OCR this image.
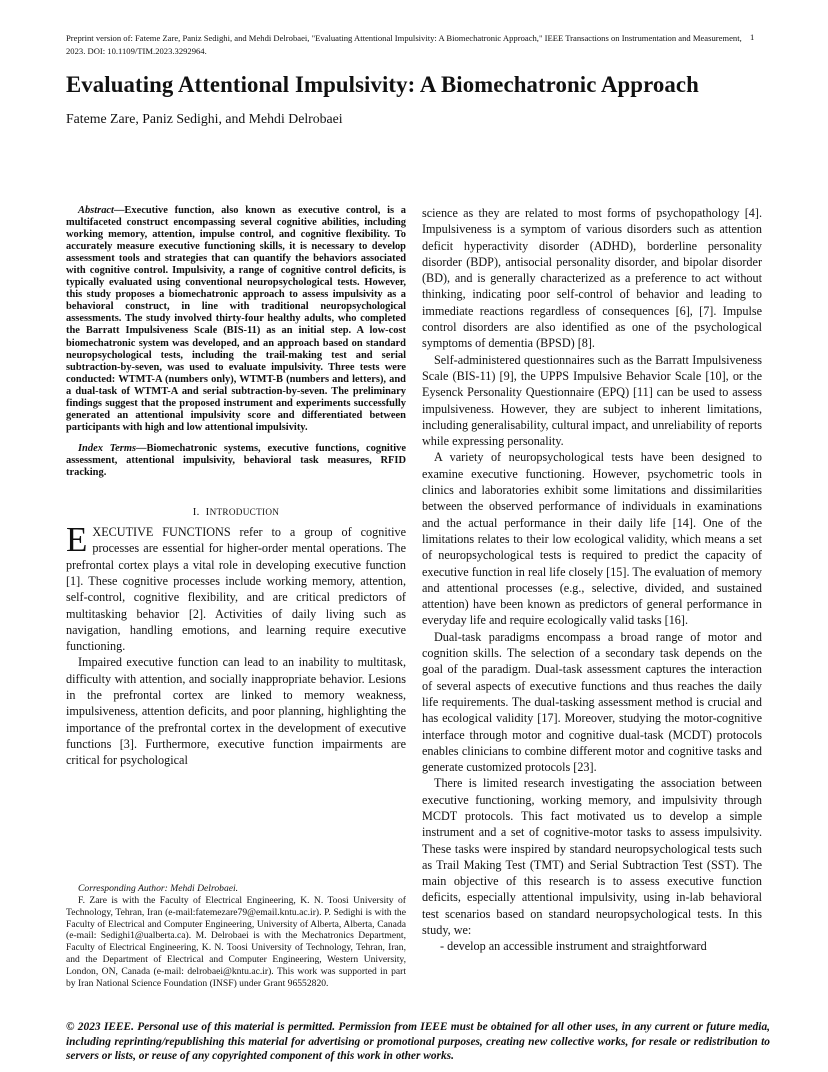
Preprint version of: Fateme Zare, Paniz Sedighi, and Mehdi Delrobaei, "Evaluating Attentional Impulsivity: A Biomechatronic Approach," IEEE Transactions on Instrumentation and Measurement, 2023. DOI: 10.1109/TIM.2023.3292964.
1
Evaluating Attentional Impulsivity: A Biomechatronic Approach
Fateme Zare, Paniz Sedighi, and Mehdi Delrobaei

Abstract—Executive function, also known as executive control, is a multifaceted construct encompassing several cognitive abilities, including working memory, attention, impulse control, and cognitive flexibility. To accurately measure executive functioning skills, it is necessary to develop assessment tools and strategies that can quantify the behaviors associated with cognitive control. Impulsivity, a range of cognitive control deficits, is typically evaluated using conventional neuropsychological tests. However, this study proposes a biomechatronic approach to assess impulsivity as a behavioral construct, in line with traditional neuropsychological assessments. The study involved thirty-four healthy adults, who completed the Barratt Impulsiveness Scale (BIS-11) as an initial step. A low-cost biomechatronic system was developed, and an approach based on standard neuropsychological tests, including the trail-making test and serial subtraction-by-seven, was used to evaluate impulsivity. Three tests were conducted: WTMT-A (numbers only), WTMT-B (numbers and letters), and a dual-task of WTMT-A and serial subtraction-by-seven. The preliminary findings suggest that the proposed instrument and experiments successfully generated an attentional impulsivity score and differentiated between participants with high and low attentional impulsivity.

Index Terms—Biomechatronic systems, executive functions, cognitive assessment, attentional impulsivity, behavioral task measures, RFID tracking.

I. INTRODUCTION

EXECUTIVE FUNCTIONS refer to a group of cognitive processes are essential for higher-order mental operations. The prefrontal cortex plays a vital role in developing executive function [1]. These cognitive processes include working memory, attention, self-control, cognitive flexibility, and are critical predictors of multitasking behavior [2]. Activities of daily living such as navigation, handling emotions, and learning require executive functioning.

Impaired executive function can lead to an inability to multitask, difficulty with attention, and socially inappropriate behavior. Lesions in the prefrontal cortex are linked to memory weakness, impulsiveness, attention deficits, and poor planning, highlighting the importance of the prefrontal cortex in the development of executive functions [3]. Furthermore, executive function impairments are critical for psychological

Corresponding Author: Mehdi Delrobaei.

F. Zare is with the Faculty of Electrical Engineering, K. N. Toosi University of Technology, Tehran, Iran (e-mail:fatemezare79@email.kntu.ac.ir). P. Sedighi is with the Faculty of Electrical and Computer Engineering, University of Alberta, Alberta, Canada (e-mail: Sedighi1@ualberta.ca). M. Delrobaei is with the Mechatronics Department, Faculty of Electrical Engineering, K. N. Toosi University of Technology, Tehran, Iran, and the Department of Electrical and Computer Engineering, Western University, London, ON, Canada (e-mail: delrobaei@kntu.ac.ir). This work was supported in part by Iran National Science Foundation (INSF) under Grant 96552820.

science as they are related to most forms of psychopathology [4]. Impulsiveness is a symptom of various disorders such as attention deficit hyperactivity disorder (ADHD), borderline personality disorder (BDP), antisocial personality disorder, and bipolar disorder (BD), and is generally characterized as a preference to act without thinking, indicating poor self-control of behavior and leading to immediate reactions regardless of consequences [6], [7]. Impulse control disorders are also identified as one of the psychological symptoms of dementia (BPSD) [8].

Self-administered questionnaires such as the Barratt Impulsiveness Scale (BIS-11) [9], the UPPS Impulsive Behavior Scale [10], or the Eysenck Personality Questionnaire (EPQ) [11] can be used to assess impulsiveness. However, they are subject to inherent limitations, including generalisability, cultural impact, and unreliability of reports while expressing personality.

A variety of neuropsychological tests have been designed to examine executive functioning. However, psychometric tools in clinics and laboratories exhibit some limitations and dissimilarities between the observed performance of individuals in examinations and the actual performance in their daily life [14]. One of the limitations relates to their low ecological validity, which means a set of neuropsychological tests is required to predict the capacity of executive function in real life closely [15]. The evaluation of memory and attentional processes (e.g., selective, divided, and sustained attention) have been known as predictors of general performance in everyday life and require ecologically valid tasks [16].

Dual-task paradigms encompass a broad range of motor and cognition skills. The selection of a secondary task depends on the goal of the paradigm. Dual-task assessment captures the interaction of several aspects of executive functions and thus reaches the daily life requirements. The dual-tasking assessment method is crucial and has ecological validity [17]. Moreover, studying the motor-cognitive interface through motor and cognitive dual-task (MCDT) protocols enables clinicians to combine different motor and cognitive tasks and generate customized protocols [23].

There is limited research investigating the association between executive functioning, working memory, and impulsivity through MCDT protocols. This fact motivated us to develop a simple instrument and a set of cognitive-motor tasks to assess impulsivity. These tasks were inspired by standard neuropsychological tests such as Trail Making Test (TMT) and Serial Subtraction Test (SST). The main objective of this research is to assess executive function deficits, especially attentional impulsivity, using in-lab behavioral test scenarios based on standard neuropsychological tests. In this study, we:

- develop an accessible instrument and straightforward

© 2023 IEEE. Personal use of this material is permitted. Permission from IEEE must be obtained for all other uses, in any current or future media, including reprinting/republishing this material for advertising or promotional purposes, creating new collective works, for resale or redistribution to servers or lists, or reuse of any copyrighted component of this work in other works.
